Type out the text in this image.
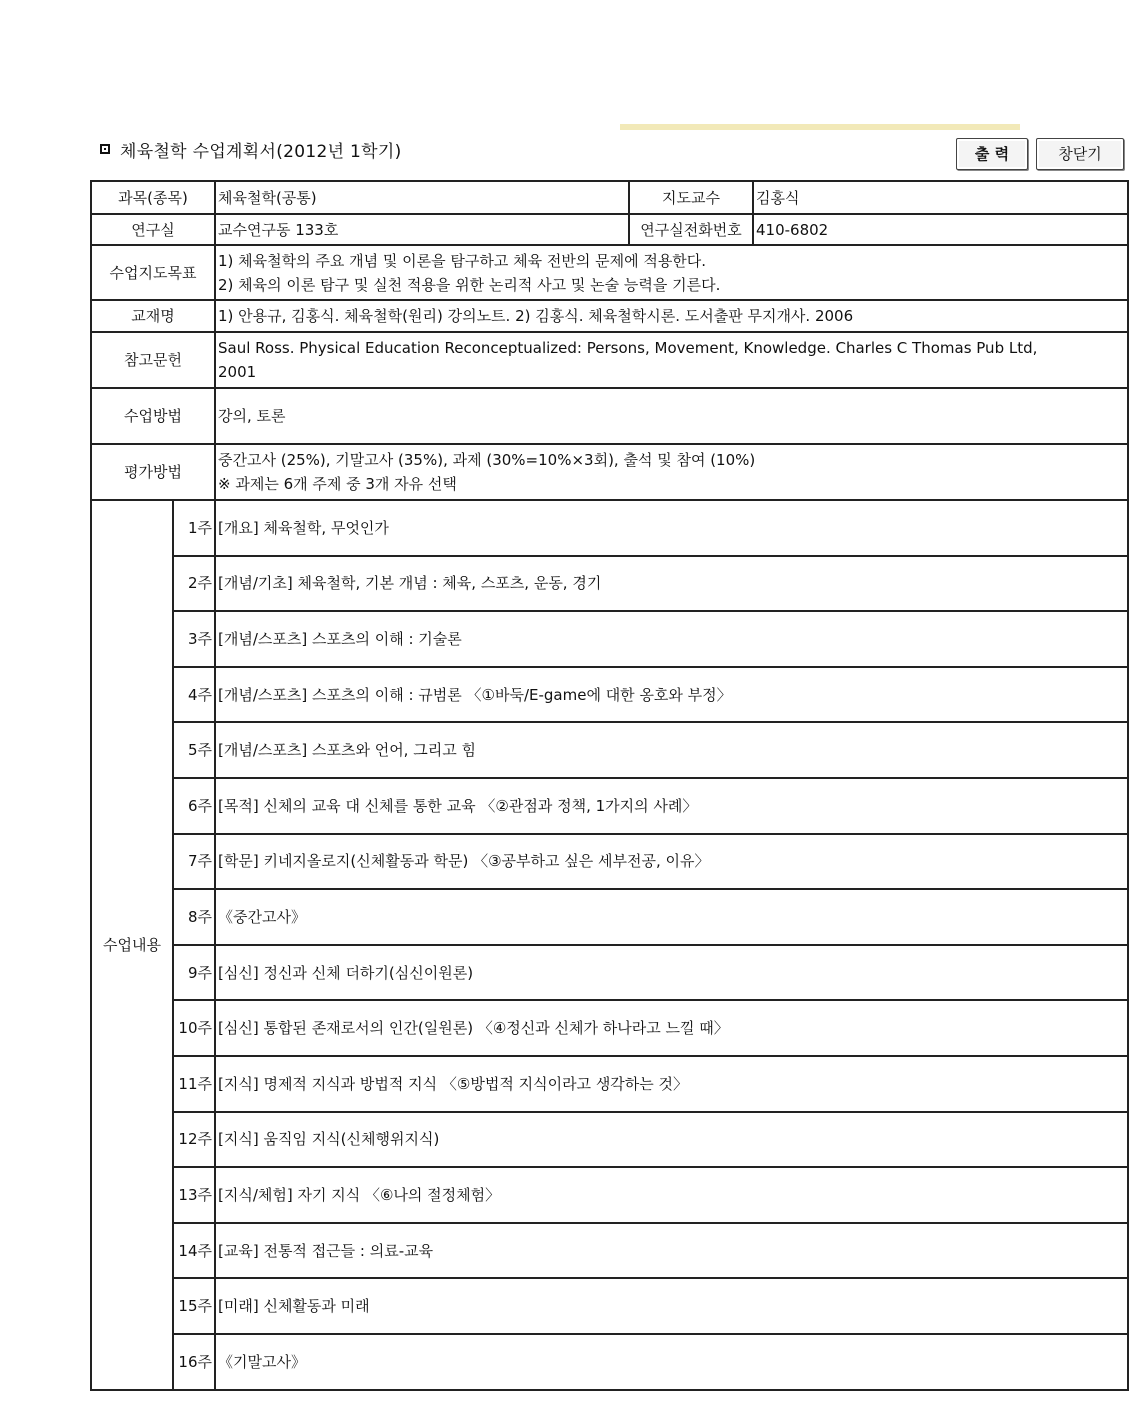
체육철학 수업계획서(2012년 1학기)	출 력	창닫기
과목(종목)		체육철학(공통)	지도교수	김홍식
연구실		교수연구동 133호	연구실전화번호	410-6802
수업지도목표		1) 체육철학의 주요 개념 및 이론을 탐구하고 체육 전반의 문제에 적용한다.
2) 체육의 이론 탐구 및 실천 적용을 위한 논리적 사고 및 논술 능력을 기른다.		

교재명		1) 안용규, 김홍식. 체육철학(원리) 강의노트. 2) 김홍식. 체육철학시론. 도서출판 무지개사. 2006		
참고문헌		Saul Ross. Physical Education Reconceptualized: Persons, Movement, Knowledge. Charles C Thomas Pub Ltd,
2001		

수업방법		강의, 토론		
평가방법		중간고사 (25%), 기말고사 (35%), 과제 (30%=10%×3회), 출석 및 참여 (10%)
※ 과제는 6개 주제 중 3개 자유 선택		

수업내용	1주	[개요] 체육철학, 무엇인가		
	2주	[개념/기초] 체육철학, 기본 개념 : 체육, 스포츠, 운동, 경기		
	3주	[개념/스포츠] 스포츠의 이해 : 기술론		
	4주	[개념/스포츠] 스포츠의 이해 : 규범론 〈①바둑/E-game에 대한 옹호와 부정〉		
	5주	[개념/스포츠] 스포츠와 언어, 그리고 힘		
	6주	[목적] 신체의 교육 대 신체를 통한 교육 〈②관점과 정책, 1가지의 사례〉		
	7주	[학문] 키네지올로지(신체활동과 학문) 〈③공부하고 싶은 세부전공, 이유〉		
	8주	《중간고사》		
	9주	[심신] 정신과 신체 더하기(심신이원론)		
	10주	[심신] 통합된 존재로서의 인간(일원론) 〈④정신과 신체가 하나라고 느낄 때〉		
	11주	[지식] 명제적 지식과 방법적 지식 〈⑤방법적 지식이라고 생각하는 것〉		
	12주	[지식] 움직임 지식(신체행위지식)		
	13주	[지식/체험] 자기 지식 〈⑥나의 절정체험〉		
	14주	[교육] 전통적 접근들 : 의료-교육		
	15주	[미래] 신체활동과 미래		
	16주	《기말고사》		
